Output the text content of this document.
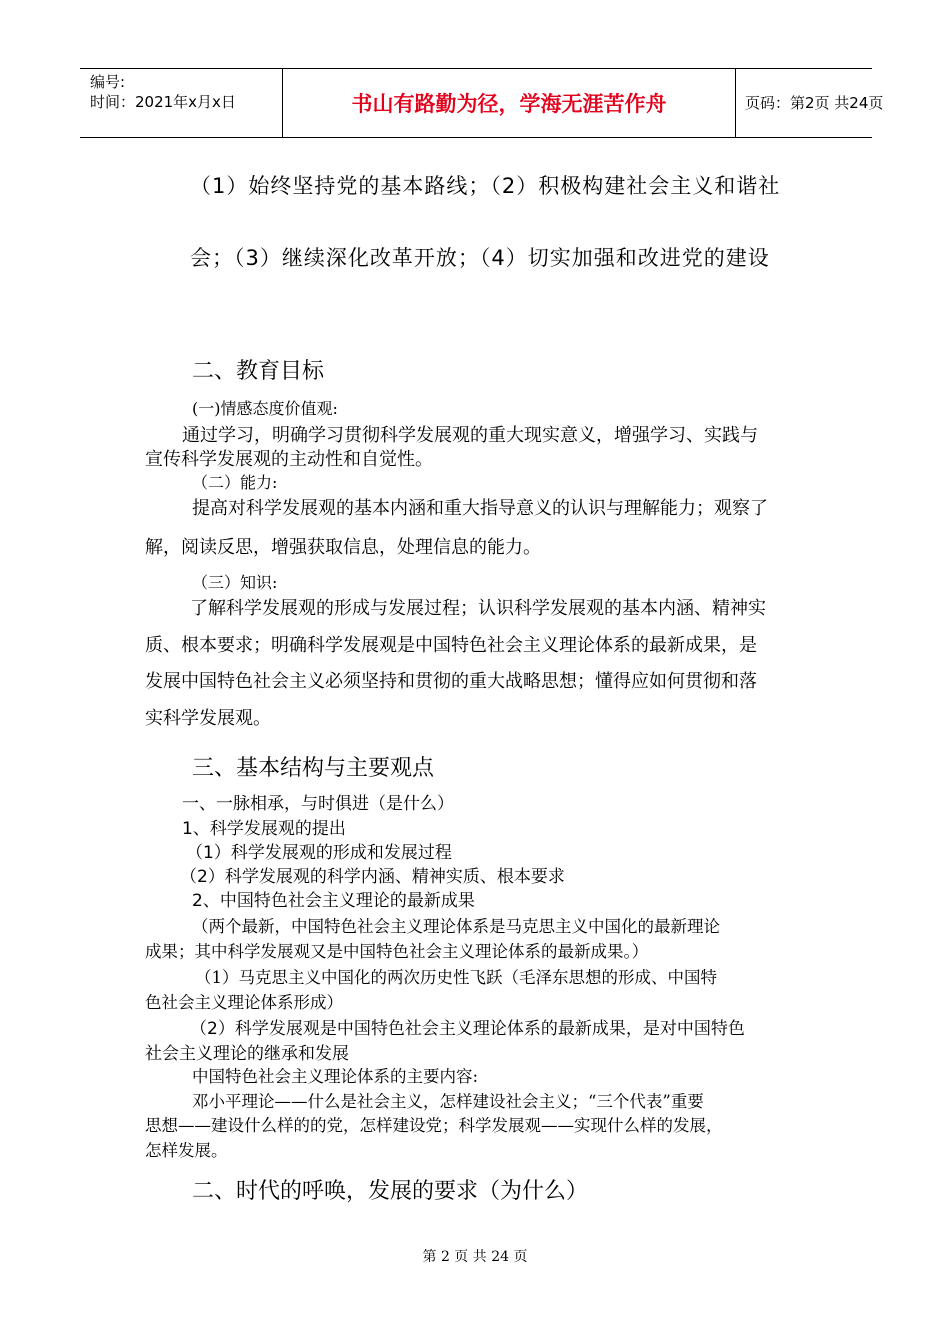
编号:
时间：2021年x月x日	书山有路勤为径，学海无涯苦作舟	页码：第2页 共24页
（1）始终坚持党的基本路线；（2）积极构建社会主义和谐社
会；（3）继续深化改革开放；（4）切实加强和改进党的建设
二、教育目标
(一)情感态度价值观:
通过学习，明确学习贯彻科学发展观的重大现实意义，增强学习、实践与
宣传科学发展观的主动性和自觉性。
（二）能力:
提高对科学发展观的基本内涵和重大指导意义的认识与理解能力；观察了
解，阅读反思，增强获取信息，处理信息的能力。
（三）知识:
了解科学发展观的形成与发展过程；认识科学发展观的基本内涵、精神实
质、根本要求；明确科学发展观是中国特色社会主义理论体系的最新成果，是
发展中国特色社会主义必须坚持和贯彻的重大战略思想；懂得应如何贯彻和落
实科学发展观。
三、基本结构与主要观点
一、一脉相承，与时俱进（是什么）
1、科学发展观的提出
（1）科学发展观的形成和发展过程
（2）科学发展观的科学内涵、精神实质、根本要求
2、中国特色社会主义理论的最新成果
（两个最新，中国特色社会主义理论体系是马克思主义中国化的最新理论
成果；其中科学发展观又是中国特色社会主义理论体系的最新成果。）
（1）马克思主义中国化的两次历史性飞跃（毛泽东思想的形成、中国特
色社会主义理论体系形成）
（2）科学发展观是中国特色社会主义理论体系的最新成果，是对中国特色
社会主义理论的继承和发展
中国特色社会主义理论体系的主要内容:
邓小平理论——什么是社会主义，怎样建设社会主义；“三个代表”重要
思想——建设什么样的的党，怎样建设党；科学发展观——实现什么样的发展，
怎样发展。
二、时代的呼唤，发展的要求（为什么）
第 2 页 共 24 页
